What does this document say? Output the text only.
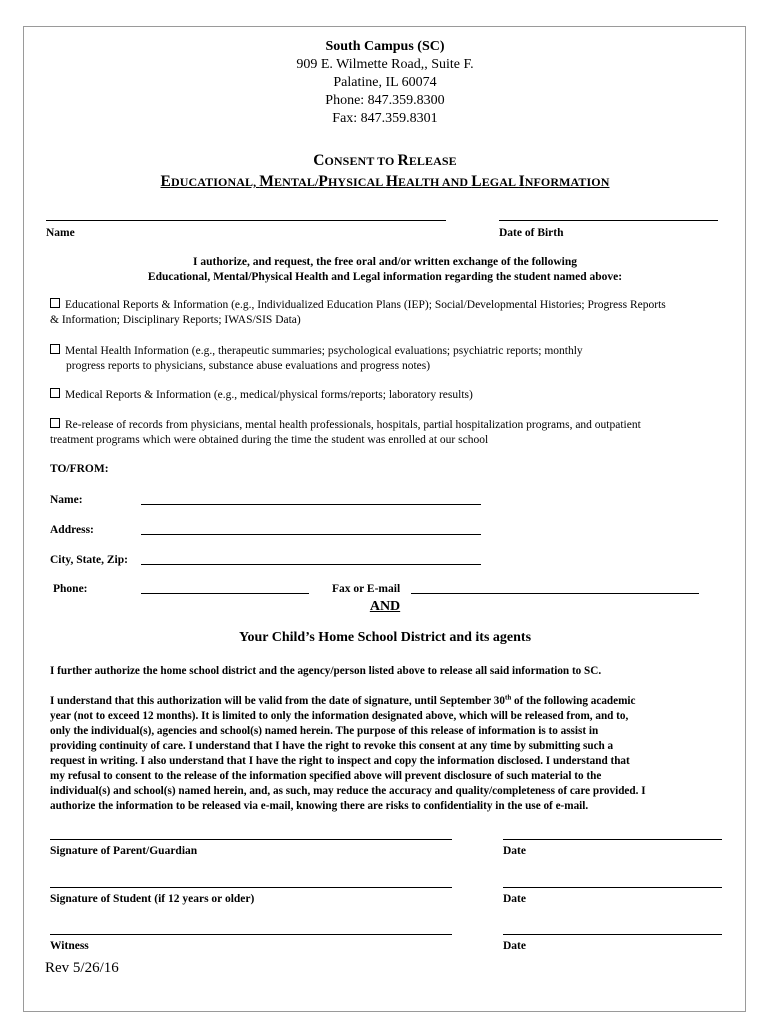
South Campus (SC)
909 E. Wilmette Road,, Suite F.
Palatine, IL 60074
Phone: 847.359.8300
Fax: 847.359.8301
CONSENT TO RELEASE
EDUCATIONAL, MENTAL/PHYSICAL HEALTH AND LEGAL INFORMATION
Name	Date of Birth
I authorize, and request, the free oral and/or written exchange of the following
Educational, Mental/Physical Health and Legal information regarding the student named above:
Educational Reports & Information (e.g., Individualized Education Plans (IEP); Social/Developmental Histories; Progress Reports
& Information; Disciplinary Reports; IWAS/SIS Data)
Mental Health Information (e.g., therapeutic summaries; psychological evaluations; psychiatric reports; monthly
progress reports to physicians, substance abuse evaluations and progress notes)
Medical Reports & Information (e.g., medical/physical forms/reports; laboratory results)
Re-release of records from physicians, mental health professionals, hospitals, partial hospitalization programs, and outpatient
treatment programs which were obtained during the time the student was enrolled at our school
TO/FROM:
Name:
Address:
City, State, Zip:
Phone:	Fax or E-mail
AND
Your Child’s Home School District and its agents
I further authorize the home school district and the agency/person listed above to release all said information to SC.
I understand that this authorization will be valid from the date of signature, until September 30th of the following academic
year (not to exceed 12 months). It is limited to only the information designated above, which will be released from, and to,
only the individual(s), agencies and school(s) named herein. The purpose of this release of information is to assist in
providing continuity of care. I understand that I have the right to revoke this consent at any time by submitting such a
request in writing. I also understand that I have the right to inspect and copy the information disclosed. I understand that
my refusal to consent to the release of the information specified above will prevent disclosure of such material to the
individual(s) and school(s) named herein, and, as such, may reduce the accuracy and quality/completeness of care provided. I
authorize the information to be released via e-mail, knowing there are risks to confidentiality in the use of e-mail.
Signature of Parent/Guardian	Date
Signature of Student (if 12 years or older)	Date
Witness	Date
Rev 5/26/16
